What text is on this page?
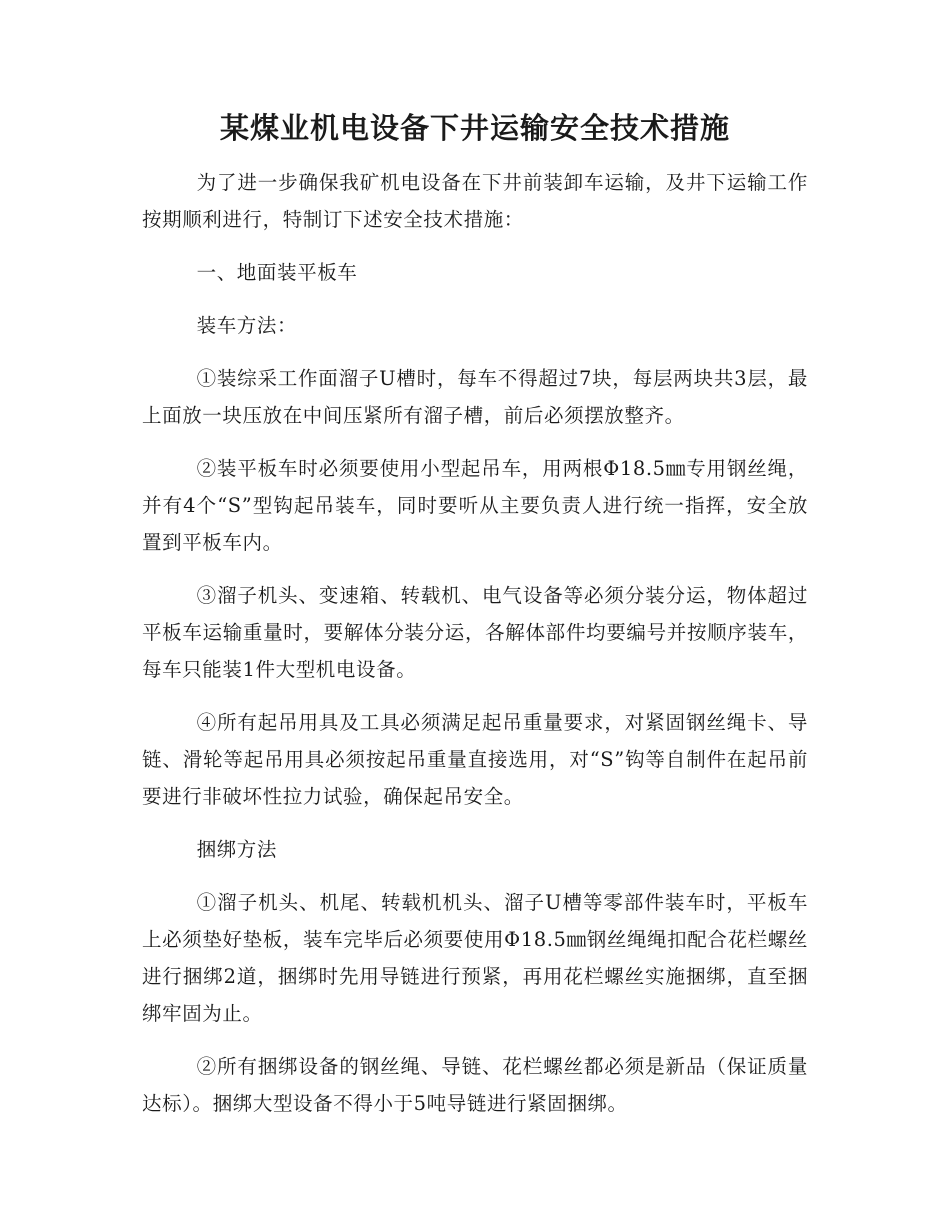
某煤业机电设备下井运输安全技术措施

为了进一步确保我矿机电设备在下井前装卸车运输，及井下运输工作按期顺利进行，特制订下述安全技术措施：

一、地面装平板车

装车方法：

①装综采工作面溜子U槽时，每车不得超过7块，每层两块共3层，最上面放一块压放在中间压紧所有溜子槽，前后必须摆放整齐。

②装平板车时必须要使用小型起吊车，用两根Φ18.5㎜专用钢丝绳，并有4个“S”型钩起吊装车，同时要听从主要负责人进行统一指挥，安全放置到平板车内。

③溜子机头、变速箱、转载机、电气设备等必须分装分运，物体超过平板车运输重量时，要解体分装分运，各解体部件均要编号并按顺序装车，每车只能装1件大型机电设备。

④所有起吊用具及工具必须满足起吊重量要求，对紧固钢丝绳卡、导链、滑轮等起吊用具必须按起吊重量直接选用，对“S”钩等自制件在起吊前要进行非破坏性拉力试验，确保起吊安全。

捆绑方法

①溜子机头、机尾、转载机机头、溜子U槽等零部件装车时，平板车上必须垫好垫板，装车完毕后必须要使用Φ18.5㎜钢丝绳绳扣配合花栏螺丝进行捆绑2道，捆绑时先用导链进行预紧，再用花栏螺丝实施捆绑，直至捆绑牢固为止。

②所有捆绑设备的钢丝绳、导链、花栏螺丝都必须是新品（保证质量达标）。捆绑大型设备不得小于5吨导链进行紧固捆绑。
